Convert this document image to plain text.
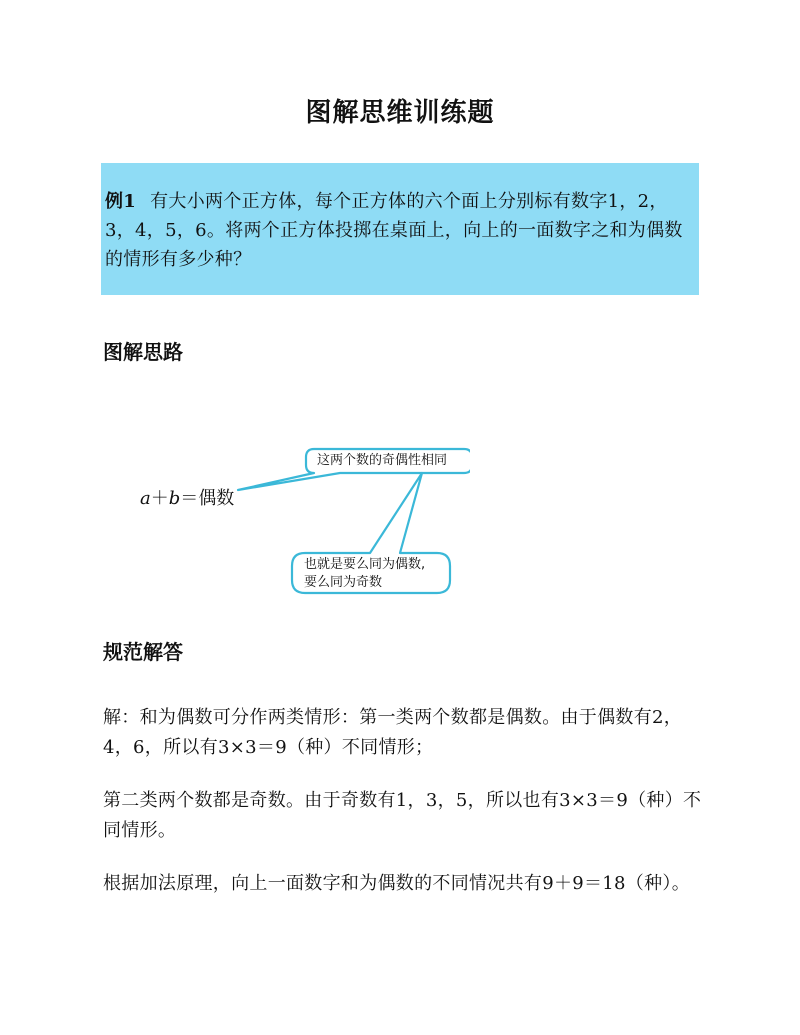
图解思维训练题
例1 有大小两个正方体，每个正方体的六个面上分别标有数字1，2，3，4，5，6。将两个正方体投掷在桌面上，向上的一面数字之和为偶数的情形有多少种？
图解思路
a＋b＝偶数
这两个数的奇偶性相同
也就是要么同为偶数,
要么同为奇数
规范解答
解：和为偶数可分作两类情形：第一类两个数都是偶数。由于偶数有2，4，6，所以有3×3＝9（种）不同情形；
第二类两个数都是奇数。由于奇数有1，3，5，所以也有3×3＝9（种）不同情形。
根据加法原理，向上一面数字和为偶数的不同情况共有9＋9＝18（种）。
